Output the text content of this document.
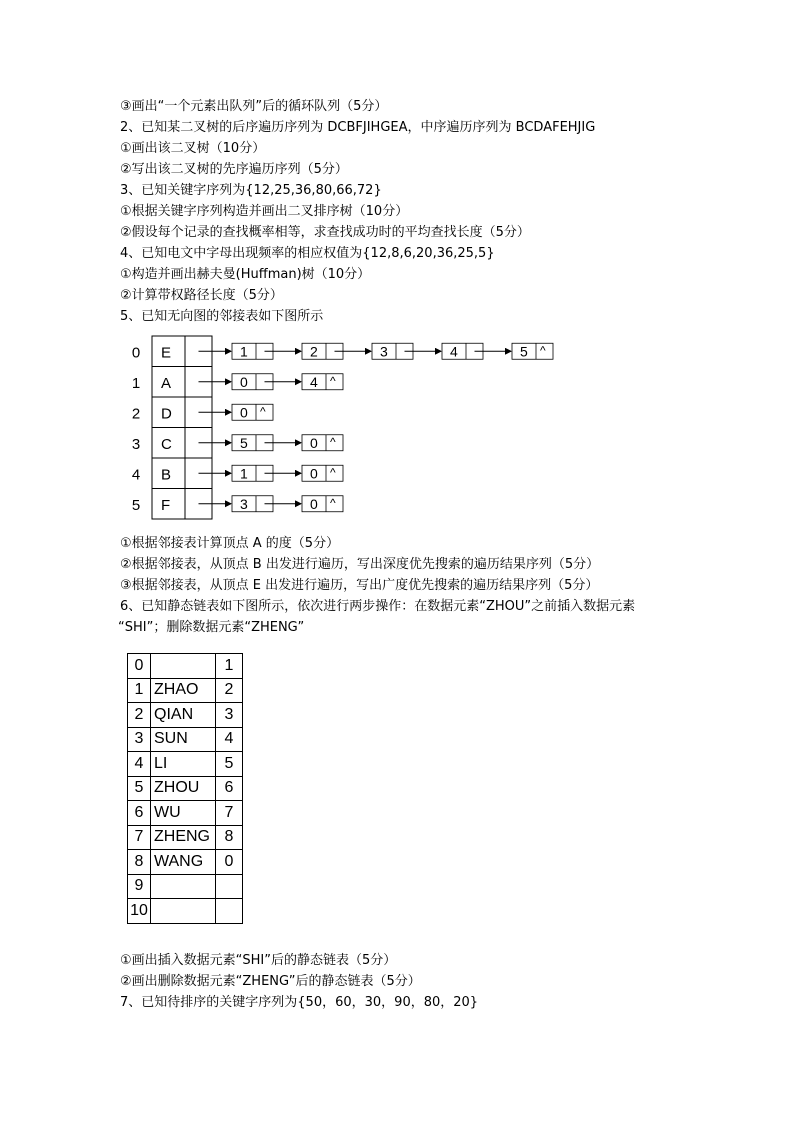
③画出“一个元素出队列”后的循环队列（5分）
2、已知某二叉树的后序遍历序列为 DCBFJIHGEA，中序遍历序列为 BCDAFEHJIG
①画出该二叉树（10分）
②写出该二叉树的先序遍历序列（5分）
3、已知关键字序列为{12,25,36,80,66,72}
①根据关键字序列构造并画出二叉排序树（10分）
②假设每个记录的查找概率相等，求查找成功时的平均查找长度（5分）
4、已知电文中字母出现频率的相应权值为{12,8,6,20,36,25,5}
①构造并画出赫夫曼(Huffman)树（10分）
②计算带权路径长度（5分）
5、已知无向图的邻接表如下图所示
0 E	1	2	3	4	5 ^
1 A	0	4 ^
2 D	0 ^
3 C	5	0 ^
4 B	1	0 ^
5 F	3	0 ^
①根据邻接表计算顶点 A 的度（5分）
②根据邻接表，从顶点 B 出发进行遍历，写出深度优先搜索的遍历结果序列（5分）
③根据邻接表，从顶点 E 出发进行遍历，写出广度优先搜索的遍历结果序列（5分）
6、已知静态链表如下图所示，依次进行两步操作：在数据元素“ZHOU”之前插入数据元素
“SHI”；删除数据元素“ZHENG”
0		1
1	ZHAO	2
2	QIAN	3
3	SUN	4
4	LI	5
5	ZHOU	6
6	WU	7
7	ZHENG	8
8	WANG	0
9		
10		
①画出插入数据元素“SHI”后的静态链表（5分）
②画出删除数据元素“ZHENG”后的静态链表（5分）
7、已知待排序的关键字序列为{50，60，30，90，80，20}
